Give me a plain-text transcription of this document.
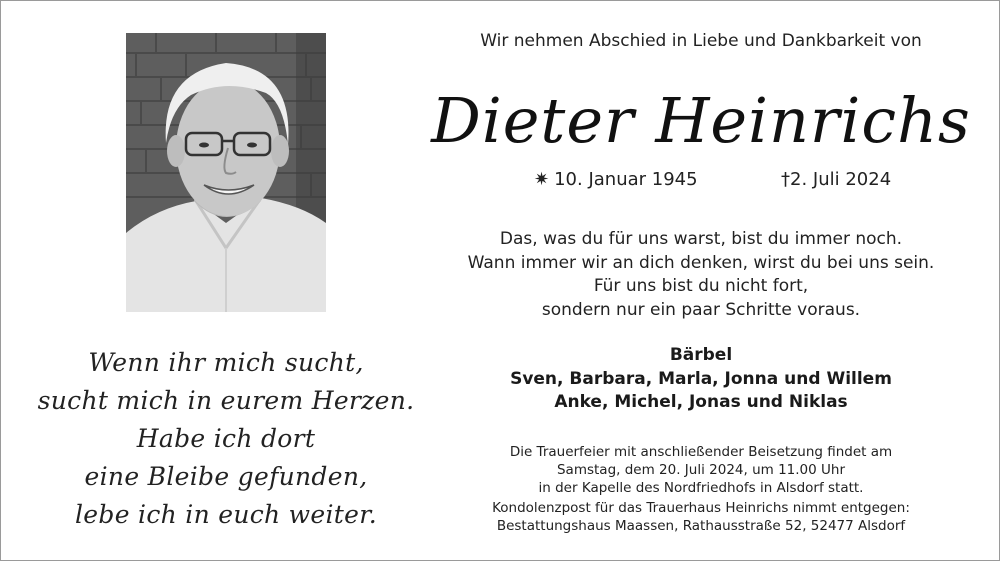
Wenn ihr mich sucht,
sucht mich in eurem Herzen.
Habe ich dort
eine Bleibe gefunden,
lebe ich in euch weiter.
Wir nehmen Abschied in Liebe und Dankbarkeit von
Dieter Heinrichs
✷ 10. Januar 1945	†2. Juli 2024
Das, was du für uns warst, bist du immer noch.
Wann immer wir an dich denken, wirst du bei uns sein.
Für uns bist du nicht fort,
sondern nur ein paar Schritte voraus.
Bärbel
Sven, Barbara, Marla, Jonna und Willem
Anke, Michel, Jonas und Niklas
Die Trauerfeier mit anschließender Beisetzung findet am
Samstag, dem 20. Juli 2024, um 11.00 Uhr
in der Kapelle des Nordfriedhofs in Alsdorf statt.
Kondolenzpost für das Trauerhaus Heinrichs nimmt entgegen:
Bestattungshaus Maassen, Rathausstraße 52, 52477 Alsdorf
